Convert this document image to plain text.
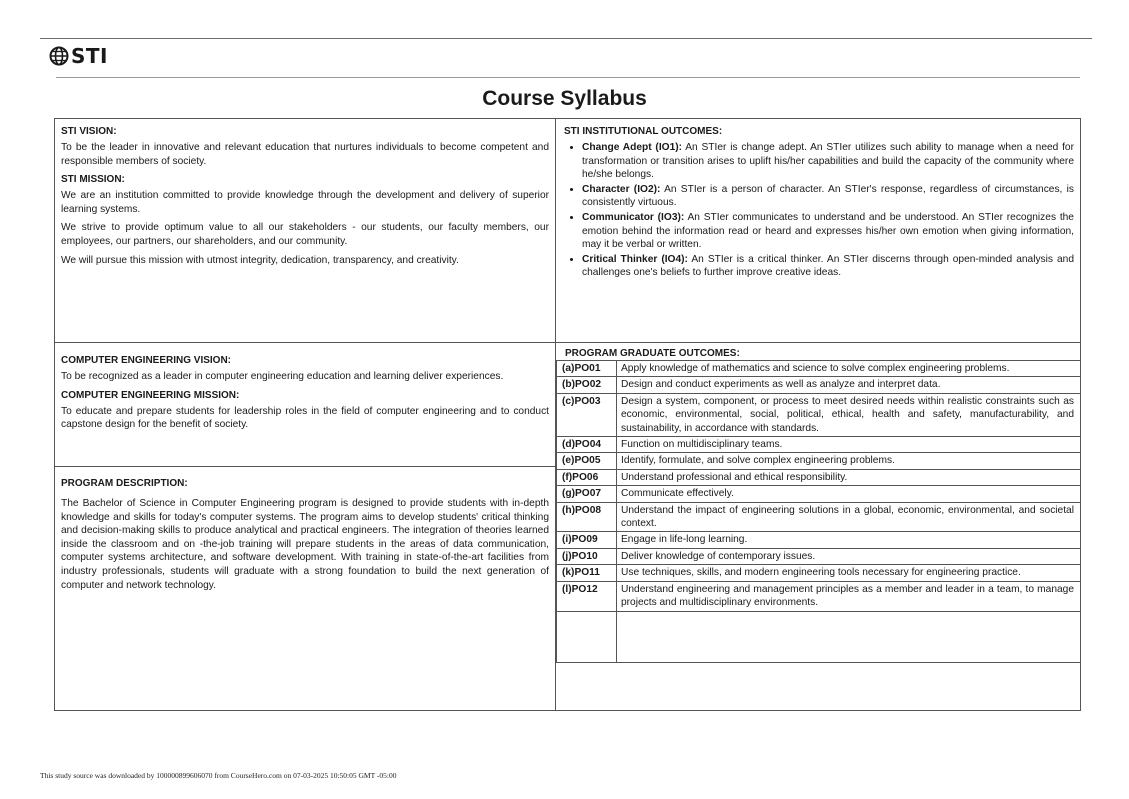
STI
Course Syllabus
STI VISION:

To be the leader in innovative and relevant education that nurtures individuals to become competent and responsible members of society.

STI MISSION:

We are an institution committed to provide knowledge through the development and delivery of superior learning systems.

We strive to provide optimum value to all our stakeholders - our students, our faculty members, our employees, our partners, our shareholders, and our community.

We will pursue this mission with utmost integrity, dedication, transparency, and creativity.

STI INSTITUTIONAL OUTCOMES:
• Change Adept (IO1): An STIer is change adept. An STIer utilizes such ability to manage when a need for transformation or transition arises to uplift his/her capabilities and build the capacity of the community where he/she belongs.
• Character (IO2): An STIer is a person of character. An STIer's response, regardless of circumstances, is consistently virtuous.
• Communicator (IO3): An STIer communicates to understand and be understood. An STIer recognizes the emotion behind the information read or heard and expresses his/her own emotion when giving information, may it be verbal or written.
• Critical Thinker (IO4): An STIer is a critical thinker. An STIer discerns through open-minded analysis and challenges one's beliefs to further improve creative ideas.
COMPUTER ENGINEERING VISION:

To be recognized as a leader in computer engineering education and learning deliver experiences.

COMPUTER ENGINEERING MISSION:

To educate and prepare students for leadership roles in the field of computer engineering and to conduct capstone design for the benefit of society.

PROGRAM DESCRIPTION:

The Bachelor of Science in Computer Engineering program is designed to provide students with in-depth knowledge and skills for today's computer systems. The program aims to develop students' critical thinking and decision-making skills to produce analytical and practical engineers. The integration of theories learned inside the classroom and on -the-job training will prepare students in the areas of data communication, computer systems architecture, and software development. With training in state-of-the-art facilities from industry professionals, students will graduate with a strong foundation to build the next generation of computer and network technology.

PROGRAM GRADUATE OUTCOMES:
(a)PO01	Apply knowledge of mathematics and science to solve complex engineering problems.
(b)PO02	Design and conduct experiments as well as analyze and interpret data.
(c)PO03	Design a system, component, or process to meet desired needs within realistic constraints such as economic, environmental, social, political, ethical, health and safety, manufacturability, and sustainability, in accordance with standards.
(d)PO04	Function on multidisciplinary teams.
(e)PO05	Identify, formulate, and solve complex engineering problems.
(f)PO06	Understand professional and ethical responsibility.
(g)PO07	Communicate effectively.
(h)PO08	Understand the impact of engineering solutions in a global, economic, environmental, and societal context.
(i)PO09	Engage in life-long learning.
(j)PO10	Deliver knowledge of contemporary issues.
(k)PO11	Use techniques, skills, and modern engineering tools necessary for engineering practice.
(l)PO12	Understand engineering and management principles as a member and leader in a team, to manage projects and multidisciplinary environments.

This study source was downloaded by 100000899606070 from CourseHero.com on 07-03-2025 10:50:05 GMT -05:00
